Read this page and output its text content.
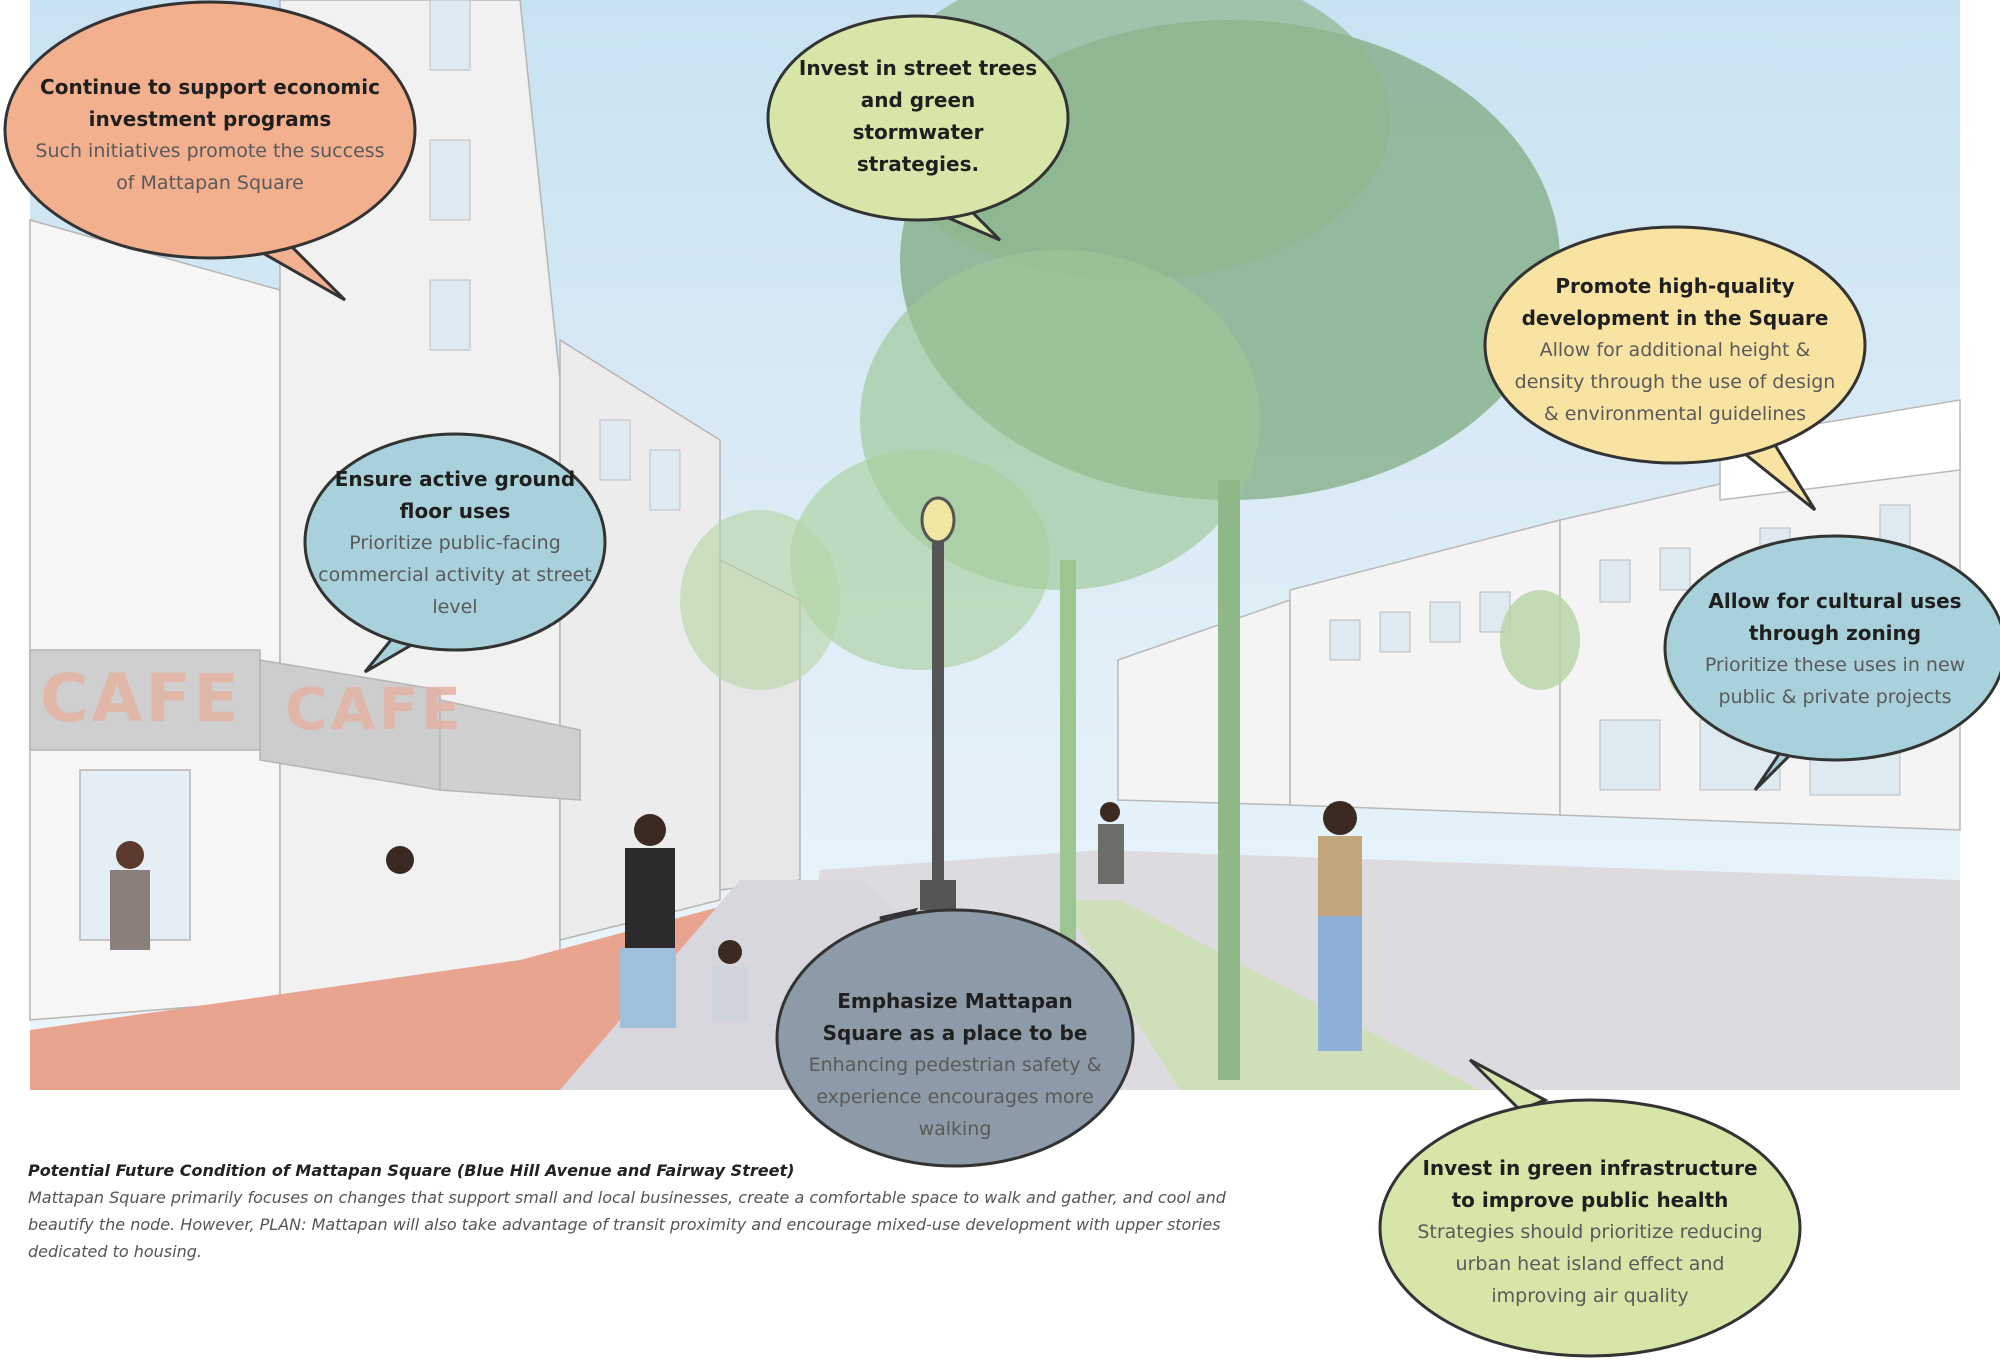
CAFE CAFE
Continue to support economic investment programs
Such initiatives promote the success of Mattapan Square
Invest in street trees and green stormwater strategies.
Promote high-quality development in the Square
Allow for additional height & density through the use of design & environmental guidelines
Ensure active ground floor uses
Prioritize public-facing commercial activity at street level	Allow for cultural uses through zoning
Prioritize these uses in new public & private projects
Emphasize Mattapan Square as a place to be
Enhancing pedestrian safety & experience encourages more walking
Invest in green infrastructure to improve public health
Strategies should prioritize reducing urban heat island effect and improving air quality
Potential Future Condition of Mattapan Square (Blue Hill Avenue and Fairway Street)
Mattapan Square primarily focuses on changes that support small and local businesses, create a comfortable space to walk and gather, and cool and beautify the node. However, PLAN: Mattapan will also take advantage of transit proximity and encourage mixed-use development with upper stories dedicated to housing.
